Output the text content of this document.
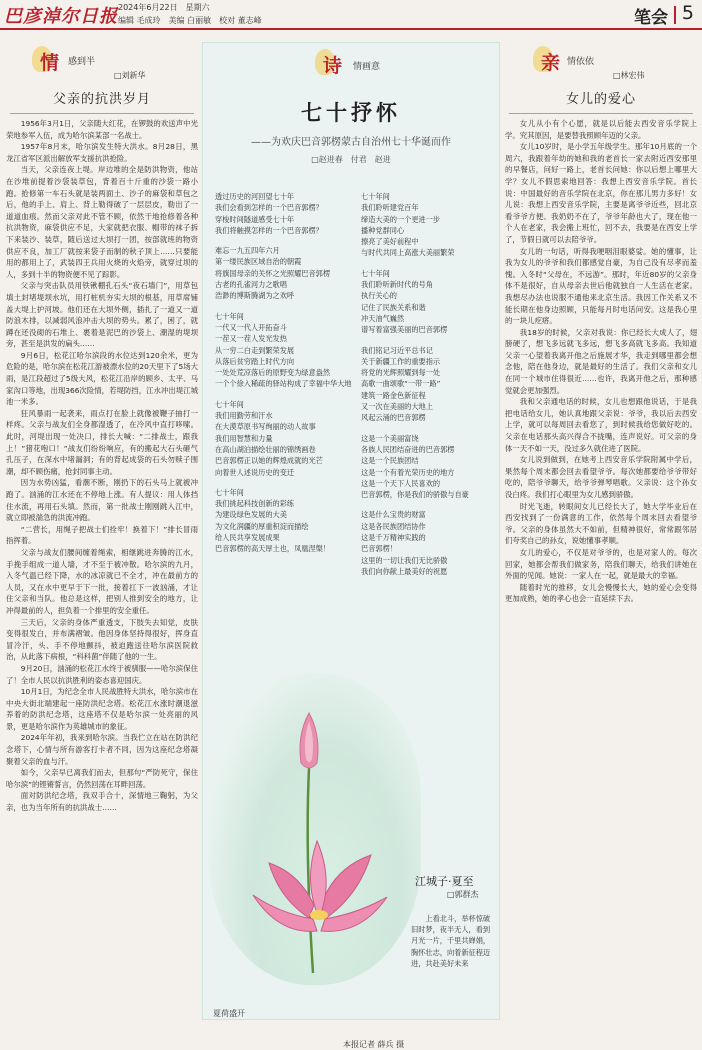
巴彦淖尔日报 2024年6月22日　星期六
编辑 毛成玲　美编 白丽敏　校对 董志峰	笔会 5
情 感到半
□刘新华
父亲的抗洪岁月

1956年3月1日，父亲随大红花，在锣鼓的欢送声中光荣地参军入伍，成为哈尔滨某部一名战士。

1957年8月末，哈尔滨发生特大洪水。8月28日，黑龙江省军区派出解放军支援抗洪抢险。

当天，父亲连夜上堤。岸边堆的全是防洪物资，他站在沙堆前提着沙袋装草包，背着百十斤重的沙袋一路小跑。抢修第一车石头就是装两面土、沙子的麻袋和草包之后，他的手上、肩上、背上勒得破了一层层皮，勒出了一道道血痕。然而父亲对此不管不顾，依然干地抢修着各种抗洪物资，麻袋供应不足，大家就把衣服、帽带的袜子拆下来装沙、装草，随后送过大坝打一团，按部就班的物资供应不良，加工厂就按来袋子而制的秋子顶上……只要能用的都用上了，武装四王兵用火烧的火焰旁，就穿过坝的人，多到十半的物资便不见了踪影。

父亲与突击队员用铁锹棚孔石头“夜石墙门”，用草包填土封堵堤坝水坑，用打桩机夯实大坝的根基，用草席铺盖大堤上护河坡。他们还在大坝外侧，插扎了一道又一道防浪木排，以减弱风浪冲击大坝的势头。累了，困了，就蹲在还没砌的石堆上、裹着是泥巴的沙袋上、潮湿的堤坝旁，甚至是洪发的扁头……

9月6日，松花江哈尔滨段的水位达到120余米，更为危险的是，哈尔滨在松花江游被漂水位的20天里下了5场大雨，是江段超过了5级大风，松花江沿岸的顾乡、太平、马家沟口等地，出现366次险情，若堤防挡，江水冲出堤江城池一米多。

狂风暴雨一起袭来，雨点打在脸上就像被鞭子抽打一样疼。父亲与战友们全身都湿透了，在冷风中直打哆嗦。此时，河堤出现一处决口，排长大喊：“二排战士，跟我上！”猪花咆口！”战友们纷纷响应，有的搬起大石头砸气孔压子，在深水中堵漏洞；有的背起成袋的石头勿赎子围潮，却不顾伤痛，抢封同事主动。

因为水势凶猛，看潮不断，刚扔下的石头马上就被冲跑了。汹涌的江水还在不停地上涨。有人提议：用人体挡住水流，再用石头填。然而，第一批战士刚刚跳入江中，就立即被湍急的洪流冲跑。

“二营长，用绳子把战士们拴牢！换着下！”排长冒雨指挥着。

父亲与战友们腰间缠着绳索，相继跳进奔腾的江水，手挽手组成一道人墙，才不至于被冲散。哈尔滨的九月，入冬气温已经下降，水的冰凉就已不全才，冲在最前方的人员，又在水中更早于下一批，接着扛下一波汹涌，才让住父亲和当队。他总是这样，把别人推到安全的地方，让冲得最前的人，担负着一个排里的安全重任。

三天后，父亲的身体严重透支，下肢失去知觉，皮肤变得很发白，并布满褶皱。他因身体坚持得很好，挥身直冒冷汗，头、手不停地颤抖，被迫跑送往哈尔滨医院救治，从此落下病根，“科科菌”伴随了他的一生。

9月20日，汹涌的松花江水终于被驯服——哈尔滨保住了！全市人民以抗洪胜利的姿态喜迎国庆。

10月1日，为纪念全市人民战胜特大洪水，哈尔滨市在中央大街北端建起一座防洪纪念塔。松花江水涨时潮退滋养着的防洪纪念塔，这座塔不仅是哈尔滨一处亮丽的风景，更是哈尔滨作为英雄城市的象征。

2024年年初，我来到哈尔滨。当我伫立在站在防洪纪念塔下，心情与所有游客打卡者不同，因为这座纪念塔凝聚着父亲的血与汗。

如今，父亲早已离我们而去，但那句“严防死守，保住哈尔滨”的铿锵誓言，仍然回荡在耳畔回荡。

面对防洪纪念塔，我双手合十，深情地三鞠躬，为父亲，也为当年所有的抗洪战士……

诗 情画意
七十抒怀
——为欢庆巴音郭楞蒙古自治州七十华诞而作
□赵进春　付君　赵进
透过历史的河回望七十年
我们会看到怎样的一个巴音郭楞？
穿梭时间隧道感受七十年
我们将触摸怎样的一个巴音郭楞？
难忘一九五四年六月
第一缕民族区域自治的朝霞
将旗国母亲的关怀之光照耀巴音郭楞
古老的孔雀河力之歌唱
浩渺的博斯腾湖为之欢呼
七十年间
一代又一代人开拓奋斗
一茬又一茬人发光发热
从一穷二白走到繁荣发展
从落后贫穷踏上时代方向
一处处荒凉落后的原野变为绿意盎然
一个个徐入稀疏的驿站构成了幸福中华大地
七十年间
我们用勤劳和汗水
在大漠草原书写绚丽的动人故事
我们用智慧和力量
在高山湖泊描绘壮丽的锦绣画卷
巴音郭楞正以她的辉煌成就的光芒
向着世人述说历史的变迁
七十年间
我们挑起科技创新的彩练
为建设绿色发展的大美
为文化润疆的厚重积淀而描绘
给人民共享发展成果
巴音郭楞的高天厚土也，凤凰涅槃！
七十年间
我们聆听建党百年
缔造大美的一个更进一步
播种党群同心
擦亮了美好前程中
与时代共同上高涨大美丽繁荣
七十年间
我们聆听新时代的号角
执行关心的
记住了民族关系和谐
冲天油气巍然
谱写着富强美丽的巴音郭楞
我们铭记习近平总书记
关于新疆工作的重要指示
将党的光辉照耀到每一处
高歌一曲颂歌“一带一路”
建筑一路金色新征程
又一次在美丽的大地上
风起云涌的巴音郭楞
这是一个美丽富饶
各族人民团结奋进的巴音郭楞
这是一个民族团结
这是一个有着光荣历史的地方
这是一个天下人民喜欢的
巴音郭楞，你是我们的骄傲与自豪
这是什么宝贵的财富
这是各民族团结协作
这是千万精神实践的
巴音郭楞！
这里的一切让我们无比骄傲
我们向你献上最美好的祝愿
夏荷盛开
江城子·夏至
□郭群杰

上看北斗，举杯惊破旧时梦，夜半无人，看到月光一片，千里共婵娟，胸怀壮志，向着新征程迈进，共赴美好未来

本报记者 薛兵 摄
亲 情依依
□林宏伟
女儿的爱心

女儿从小有个心愿，就是以后能去西安音乐学院上学。究其原因，是要替我照顾年迈的父亲。

女儿10岁时，是小学五年级学生。那年10月底的一个周六，我跟着年幼的她和我的老首长一家去附近西安那里的早餐店，问好一路上，老首长问她：你以后想上哪里大学？女儿不假思索地回答：我想上西安音乐学院。首长说：中国最好的音乐学院在北京，你在那儿男力多好！女儿说：我想上西安音乐学院，主要是离爷爷近些，回北京看爷爷方便。我奶奶不在了，爷爷年龄也大了，现在他一个人在老家，我会搬上班忙，回不去，我要是在西安上学了，节假日就可以去陪爷爷。

女儿的一句话，听得我哽咽泪眼婆娑。她的懂事，让我为女儿的爷爷和我们都感觉自豪，为自己没有尽孝而羞愧。入冬时“父母在，不远游”。那时，年近80岁的父亲身体不是很好，自从母亲去世后他就独自一人生活在老家。我想尽办法也说服不通他来北京生活。我因工作关系又不能长期在他身边照顾，只能每月时电话问安。这是我心里的一块儿疙瘩。

我18岁的时候，父亲对我说：你已经长大成人了，翅膀硬了，想飞多远就飞多远，想飞多高就飞多高。我知道父亲一心望着我离开他之后施展才华，我走到哪里都会想念他，陪在他身边，就是最好的生活了。我们父亲和女儿在同一个城市住得很近……也许，我离开他之后，那种感觉就会更加强烈。

我和父亲通电话的时候，女儿也想跟他说话，于是我把电话给女儿，她认真地跟父亲说：爷爷，我以后去西安上学，就可以每周回去看您了，到时候我给您做好吃的。父亲在电话那头高兴得合不拢嘴，连声说好。可父亲的身体一天不如一天，没过多久就住进了医院。

女儿说到做到，在她考上西安音乐学院附属中学后，果然每个周末都会回去看望爷爷。每次她都要给爷爷带好吃的，陪爷爷聊天，给爷爷弹琴唱歌。父亲说：这个孙女没白疼。我们打心眼里为女儿感到骄傲。

时光飞逝，转眼间女儿已经长大了，她大学毕业后在西安找到了一份满意的工作，依然每个周末回去看望爷爷。父亲的身体虽然大不如前，但精神很好，常常跟邻居们夸奖自己的孙女，说她懂事孝顺。

女儿的爱心，不仅是对爷爷的，也是对家人的。每次回家，她都会帮我们做家务，陪我们聊天，给我们讲她在外面的见闻。她说：一家人在一起，就是最大的幸福。

随着时光的推移，女儿会慢慢长大，她的爱心会变得更加成熟，她的孝心也会一直延续下去。
